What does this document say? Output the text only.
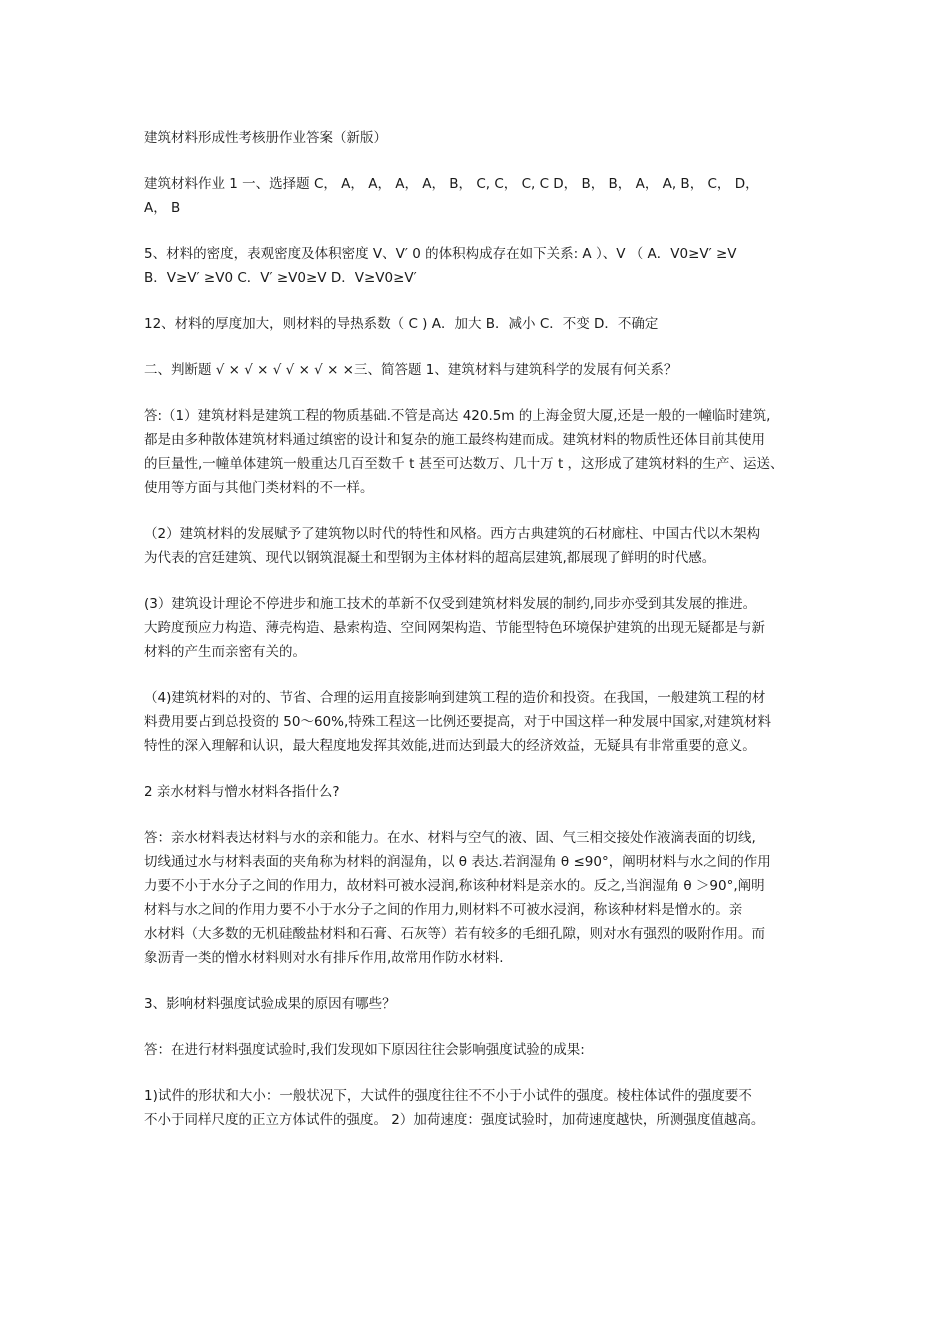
建筑材料形成性考核册作业答案（新版）

建筑材料作业 1 一、选择题 C， A， A， A， A， B， C, C， C, C D， B， B， A， A, B， C， D，
A， B

5、材料的密度，表观密度及体积密度 V、V′ 0 的体积构成存在如下关系: A ）、V （ A．V0≥V′ ≥V
B．V≥V′ ≥V0 C．V′ ≥V0≥V D．V≥V0≥V′

12、材料的厚度加大，则材料的导热系数（ C ) A．加大 B．减小 C．不变 D．不确定

二、判断题 √ × √ × √ √ × √ × ×三、简答题 1、建筑材料与建筑科学的发展有何关系？

答:（1）建筑材料是建筑工程的物质基础.不管是高达 420.5m 的上海金贸大厦,还是一般的一幢临时建筑,
都是由多种散体建筑材料通过缜密的设计和复杂的施工最终构建而成。建筑材料的物质性还体目前其使用
的巨量性,一幢单体建筑一般重达几百至数千 t 甚至可达数万、几十万 t ，这形成了建筑材料的生产、运送、
使用等方面与其他门类材料的不一样。

（2）建筑材料的发展赋予了建筑物以时代的特性和风格。西方古典建筑的石材廊柱、中国古代以木架构
为代表的宫廷建筑、现代以钢筑混凝土和型钢为主体材料的超高层建筑,都展现了鲜明的时代感。

(3）建筑设计理论不停进步和施工技术的革新不仅受到建筑材料发展的制约,同步亦受到其发展的推进。
大跨度预应力构造、薄壳构造、悬索构造、空间网架构造、节能型特色环境保护建筑的出现无疑都是与新
材料的产生而亲密有关的。

（4)建筑材料的对的、节省、合理的运用直接影响到建筑工程的造价和投资。在我国，一般建筑工程的材
料费用要占到总投资的 50～60%,特殊工程这一比例还要提高，对于中国这样一种发展中国家,对建筑材料
特性的深入理解和认识，最大程度地发挥其效能,进而达到最大的经济效益，无疑具有非常重要的意义。

2 亲水材料与憎水材料各指什么?

答：亲水材料表达材料与水的亲和能力。在水、材料与空气的液、固、气三相交接处作液滴表面的切线,
切线通过水与材料表面的夹角称为材料的润湿角，以 θ 表达.若润湿角 θ ≤90°，阐明材料与水之间的作用
力要不小于水分子之间的作用力，故材料可被水浸润,称该种材料是亲水的。反之,当润湿角 θ ＞90°,阐明
材料与水之间的作用力要不小于水分子之间的作用力,则材料不可被水浸润，称该种材料是憎水的。亲
水材料（大多数的无机硅酸盐材料和石膏、石灰等）若有较多的毛细孔隙，则对水有强烈的吸附作用。而
象沥青一类的憎水材料则对水有排斥作用,故常用作防水材料.

3、影响材料强度试验成果的原因有哪些？

答：在进行材料强度试验时,我们发现如下原因往往会影响强度试验的成果:

1)试件的形状和大小：一般状况下，大试件的强度往往不不小于小试件的强度。棱柱体试件的强度要不
不小于同样尺度的正立方体试件的强度。 2）加荷速度：强度试验时，加荷速度越快，所测强度值越高。
